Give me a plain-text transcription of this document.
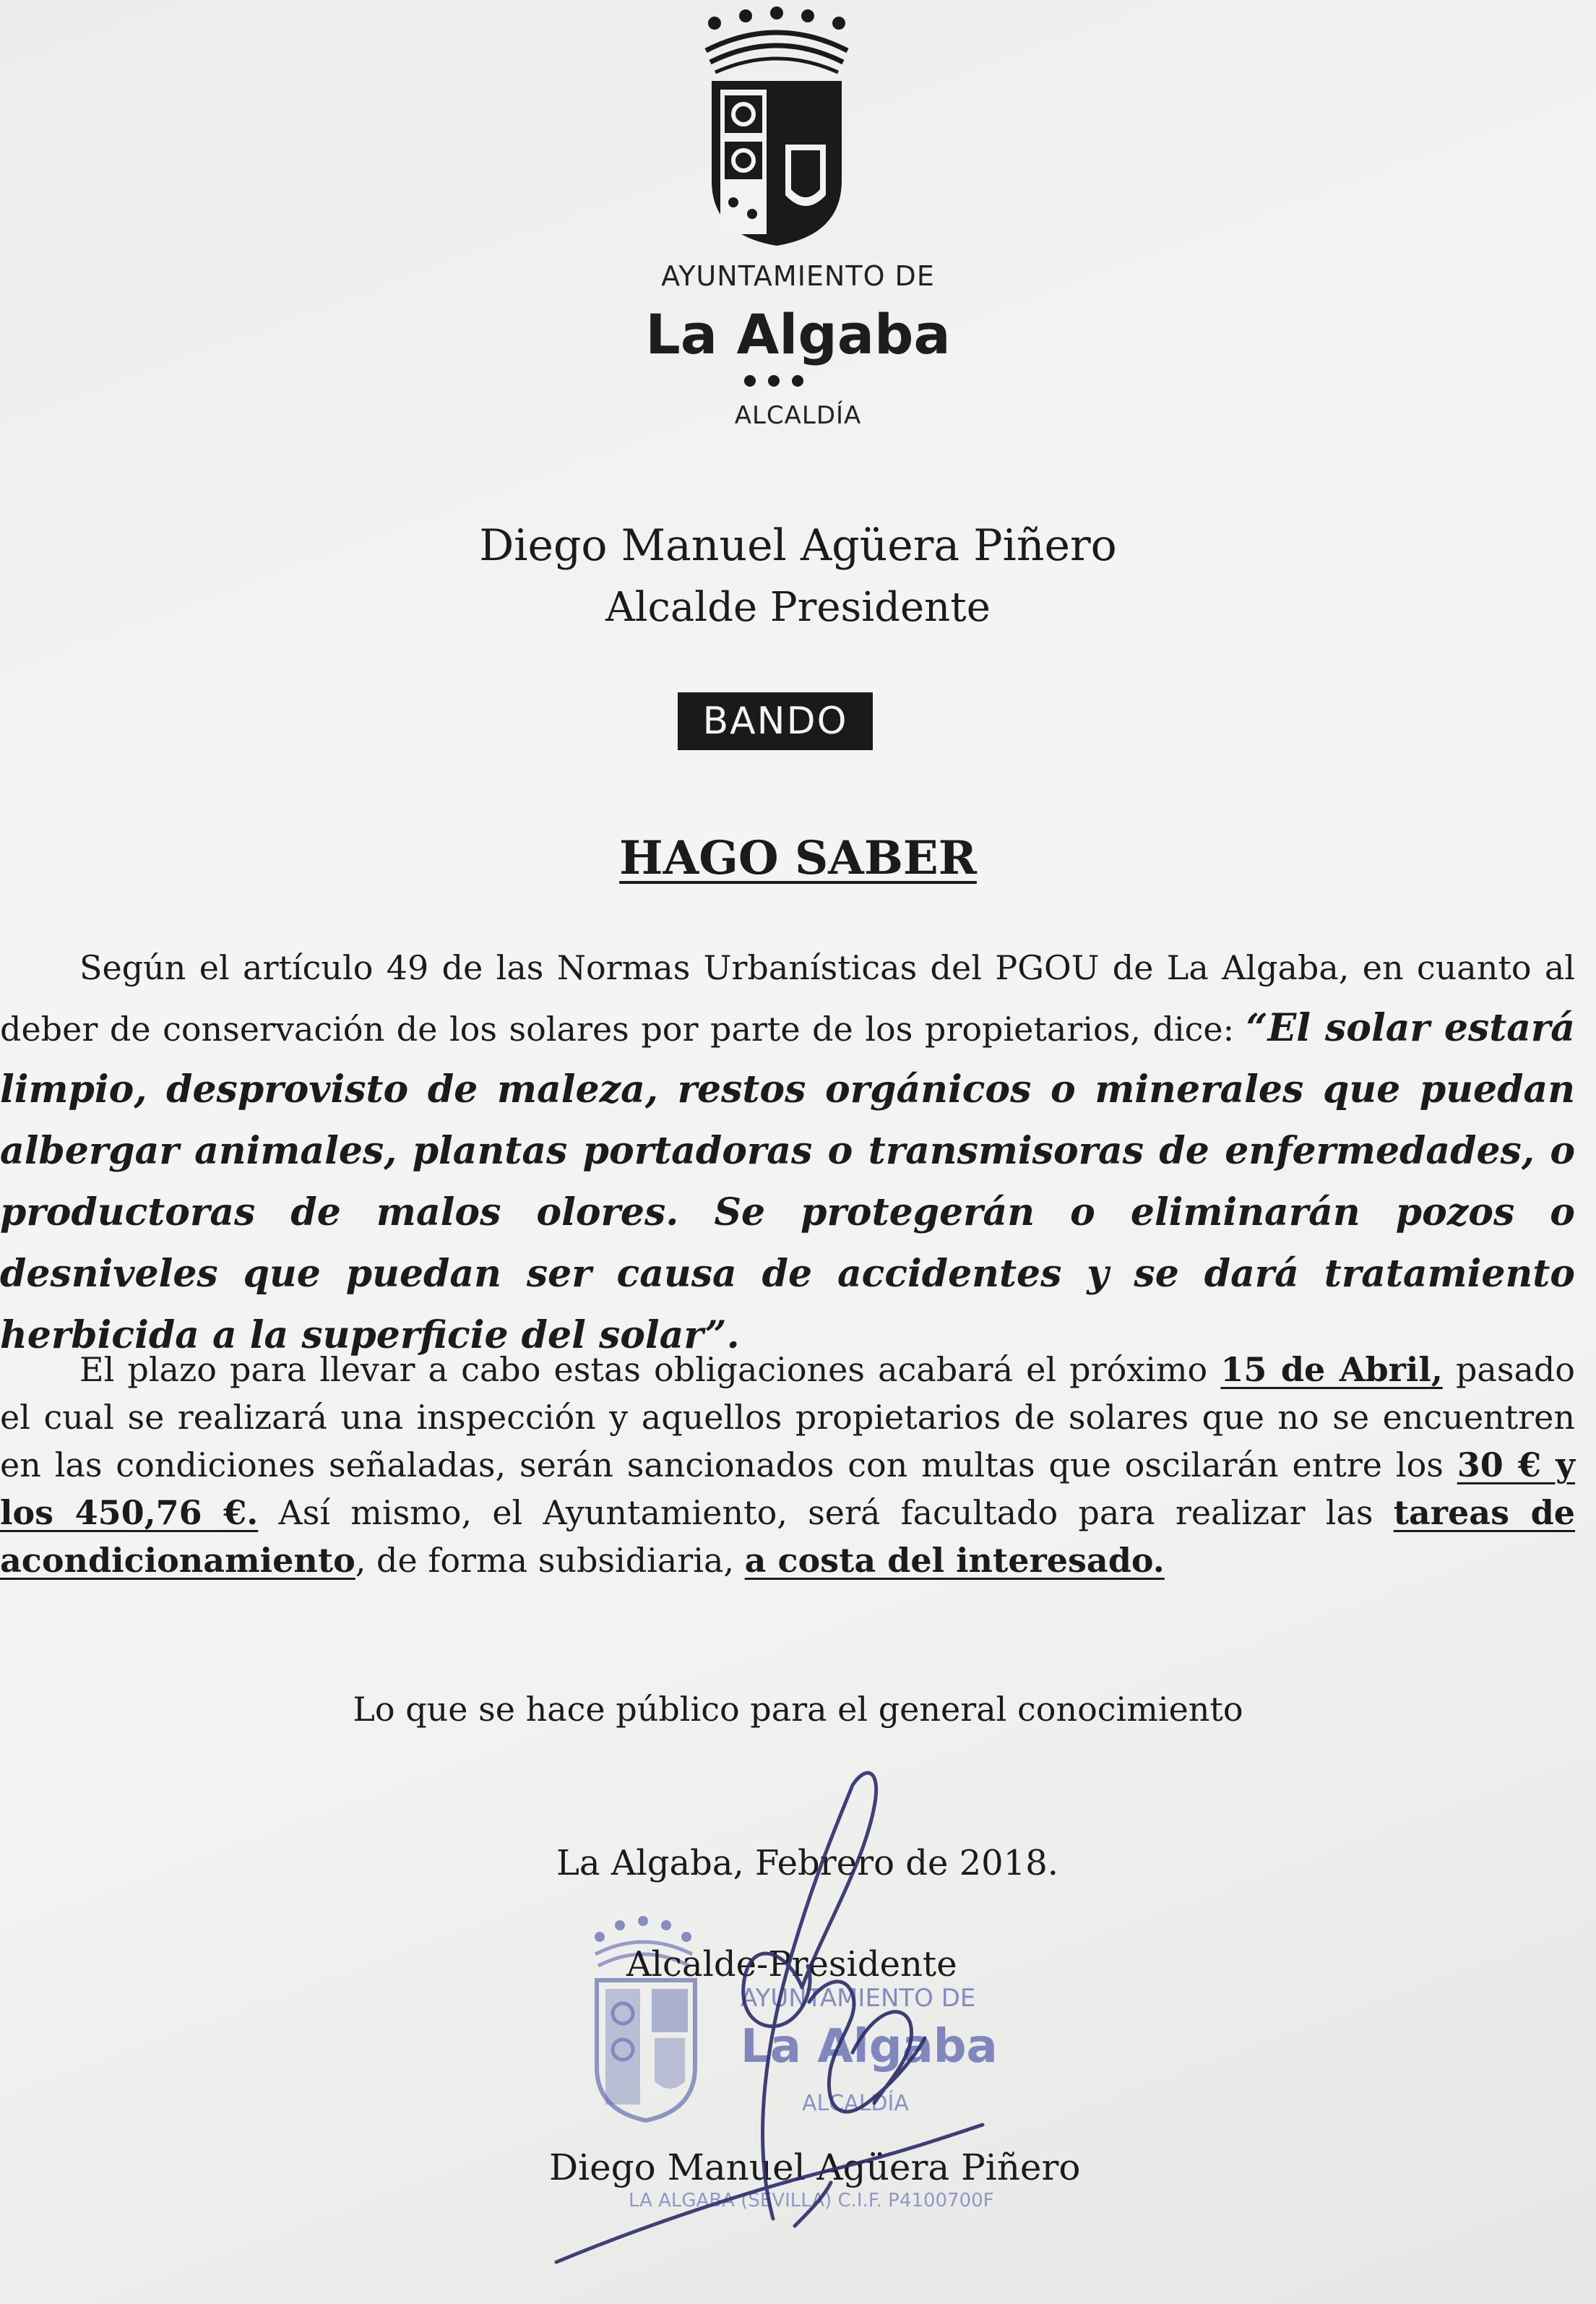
AYUNTAMIENTO DE
La Algaba
ALCALDÍA
Diego Manuel Agüera Piñero
Alcalde Presidente
BANDO
HAGO SABER

Según el artículo 49 de las Normas Urbanísticas del PGOU de La Algaba, en cuanto al deber de conservación de los solares por parte de los propietarios, dice: “El solar estará limpio, desprovisto de maleza, restos orgánicos o minerales que puedan albergar animales, plantas portadoras o transmisoras de enfermedades, o productoras de malos olores. Se protegerán o eliminarán pozos o desniveles que puedan ser causa de accidentes y se dará tratamiento herbicida a la superficie del solar”.

El plazo para llevar a cabo estas obligaciones acabará el próximo 15 de Abril, pasado el cual se realizará una inspección y aquellos propietarios de solares que no se encuentren en las condiciones señaladas, serán sancionados con multas que oscilarán entre los 30 € y los 450,76 €. Así mismo, el Ayuntamiento, será facultado para realizar las tareas de acondicionamiento, de forma subsidiaria, a costa del interesado.

Lo que se hace público para el general conocimiento
AYUNTAMIENTO DE
La Algaba
ALCALDÍA
LA ALGABA (SEVILLA) C.I.F. P4100700F
La Algaba, Febrero de 2018.
Alcalde-Presidente
Diego Manuel Agüera Piñero
